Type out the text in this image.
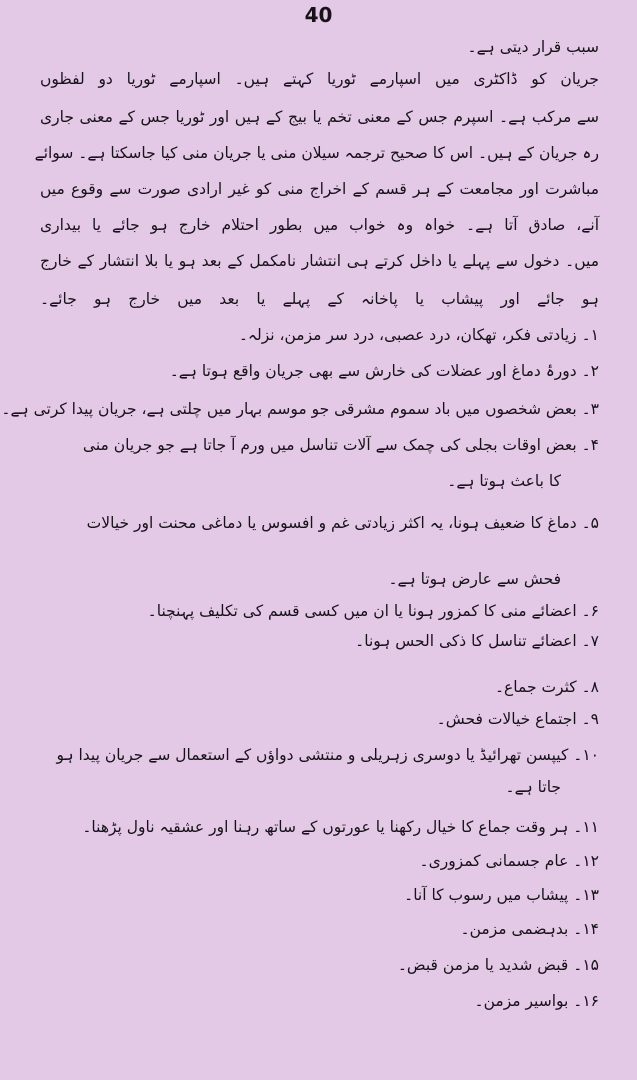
40
سبب قرار دیتی ہے۔
جریان کو ڈاکٹری میں اسپارمے ٹوریا کہتے ہیں۔ اسپارمے ٹوریا دو لفظوں
سے مرکب ہے۔ اسپرم جس کے معنی تخم یا بیج کے ہیں اور ٹوریا جس کے معنی جاری
رہ جریان کے ہیں۔ اس کا صحیح ترجمہ سیلان منی یا جریان منی کیا جاسکتا ہے۔ سوائے
مباشرت اور مجامعت کے ہر قسم کے اخراج منی کو غیر ارادی صورت سے وقوع میں
آنے، صادق آتا ہے۔ خواہ وہ خواب میں بطور احتلام خارج ہو جائے یا بیداری
میں۔ دخول سے پہلے یا داخل کرتے ہی انتشار نامکمل کے بعد ہو یا بلا انتشار کے خارج
ہو جائے اور پیشاب یا پاخانہ کے پہلے یا بعد میں خارج ہو جائے۔
۱۔ زیادتی فکر، تھکان، درد عصبی، درد سر مزمن، نزلہ۔
۲۔ دورۂ دماغ اور عضلات کی خارش سے بھی جریان واقع ہوتا ہے۔
۳۔ بعض شخصوں میں باد سموم مشرقی جو موسم بہار میں چلتی ہے، جریان پیدا کرتی ہے۔
۴۔ بعض اوقات بجلی کی چمک سے آلات تناسل میں ورم آ جاتا ہے جو جریان منی
کا باعث ہوتا ہے۔
۵۔ دماغ کا ضعیف ہونا، یہ اکثر زیادتی غم و افسوس یا دماغی محنت اور خیالات
فحش سے عارض ہوتا ہے۔
۶۔ اعضائے منی کا کمزور ہونا یا ان میں کسی قسم کی تکلیف پہنچنا۔
۷۔ اعضائے تناسل کا ذکی الحس ہونا۔
۸۔ کثرت جماع۔
۹۔ اجتماع خیالات فحش۔
۱۰۔ کیپسن تھرائیڈ یا دوسری زہریلی و منتشی دواؤں کے استعمال سے جریان پیدا ہو
جاتا ہے۔
۱۱۔ ہر وقت جماع کا خیال رکھنا یا عورتوں کے ساتھ رہنا اور عشقیہ ناول پڑھنا۔
۱۲۔ عام جسمانی کمزوری۔
۱۳۔ پیشاب میں رسوب کا آنا۔
۱۴۔ بدہضمی مزمن۔
۱۵۔ قبض شدید یا مزمن قبض۔
۱۶۔ بواسیر مزمن۔
